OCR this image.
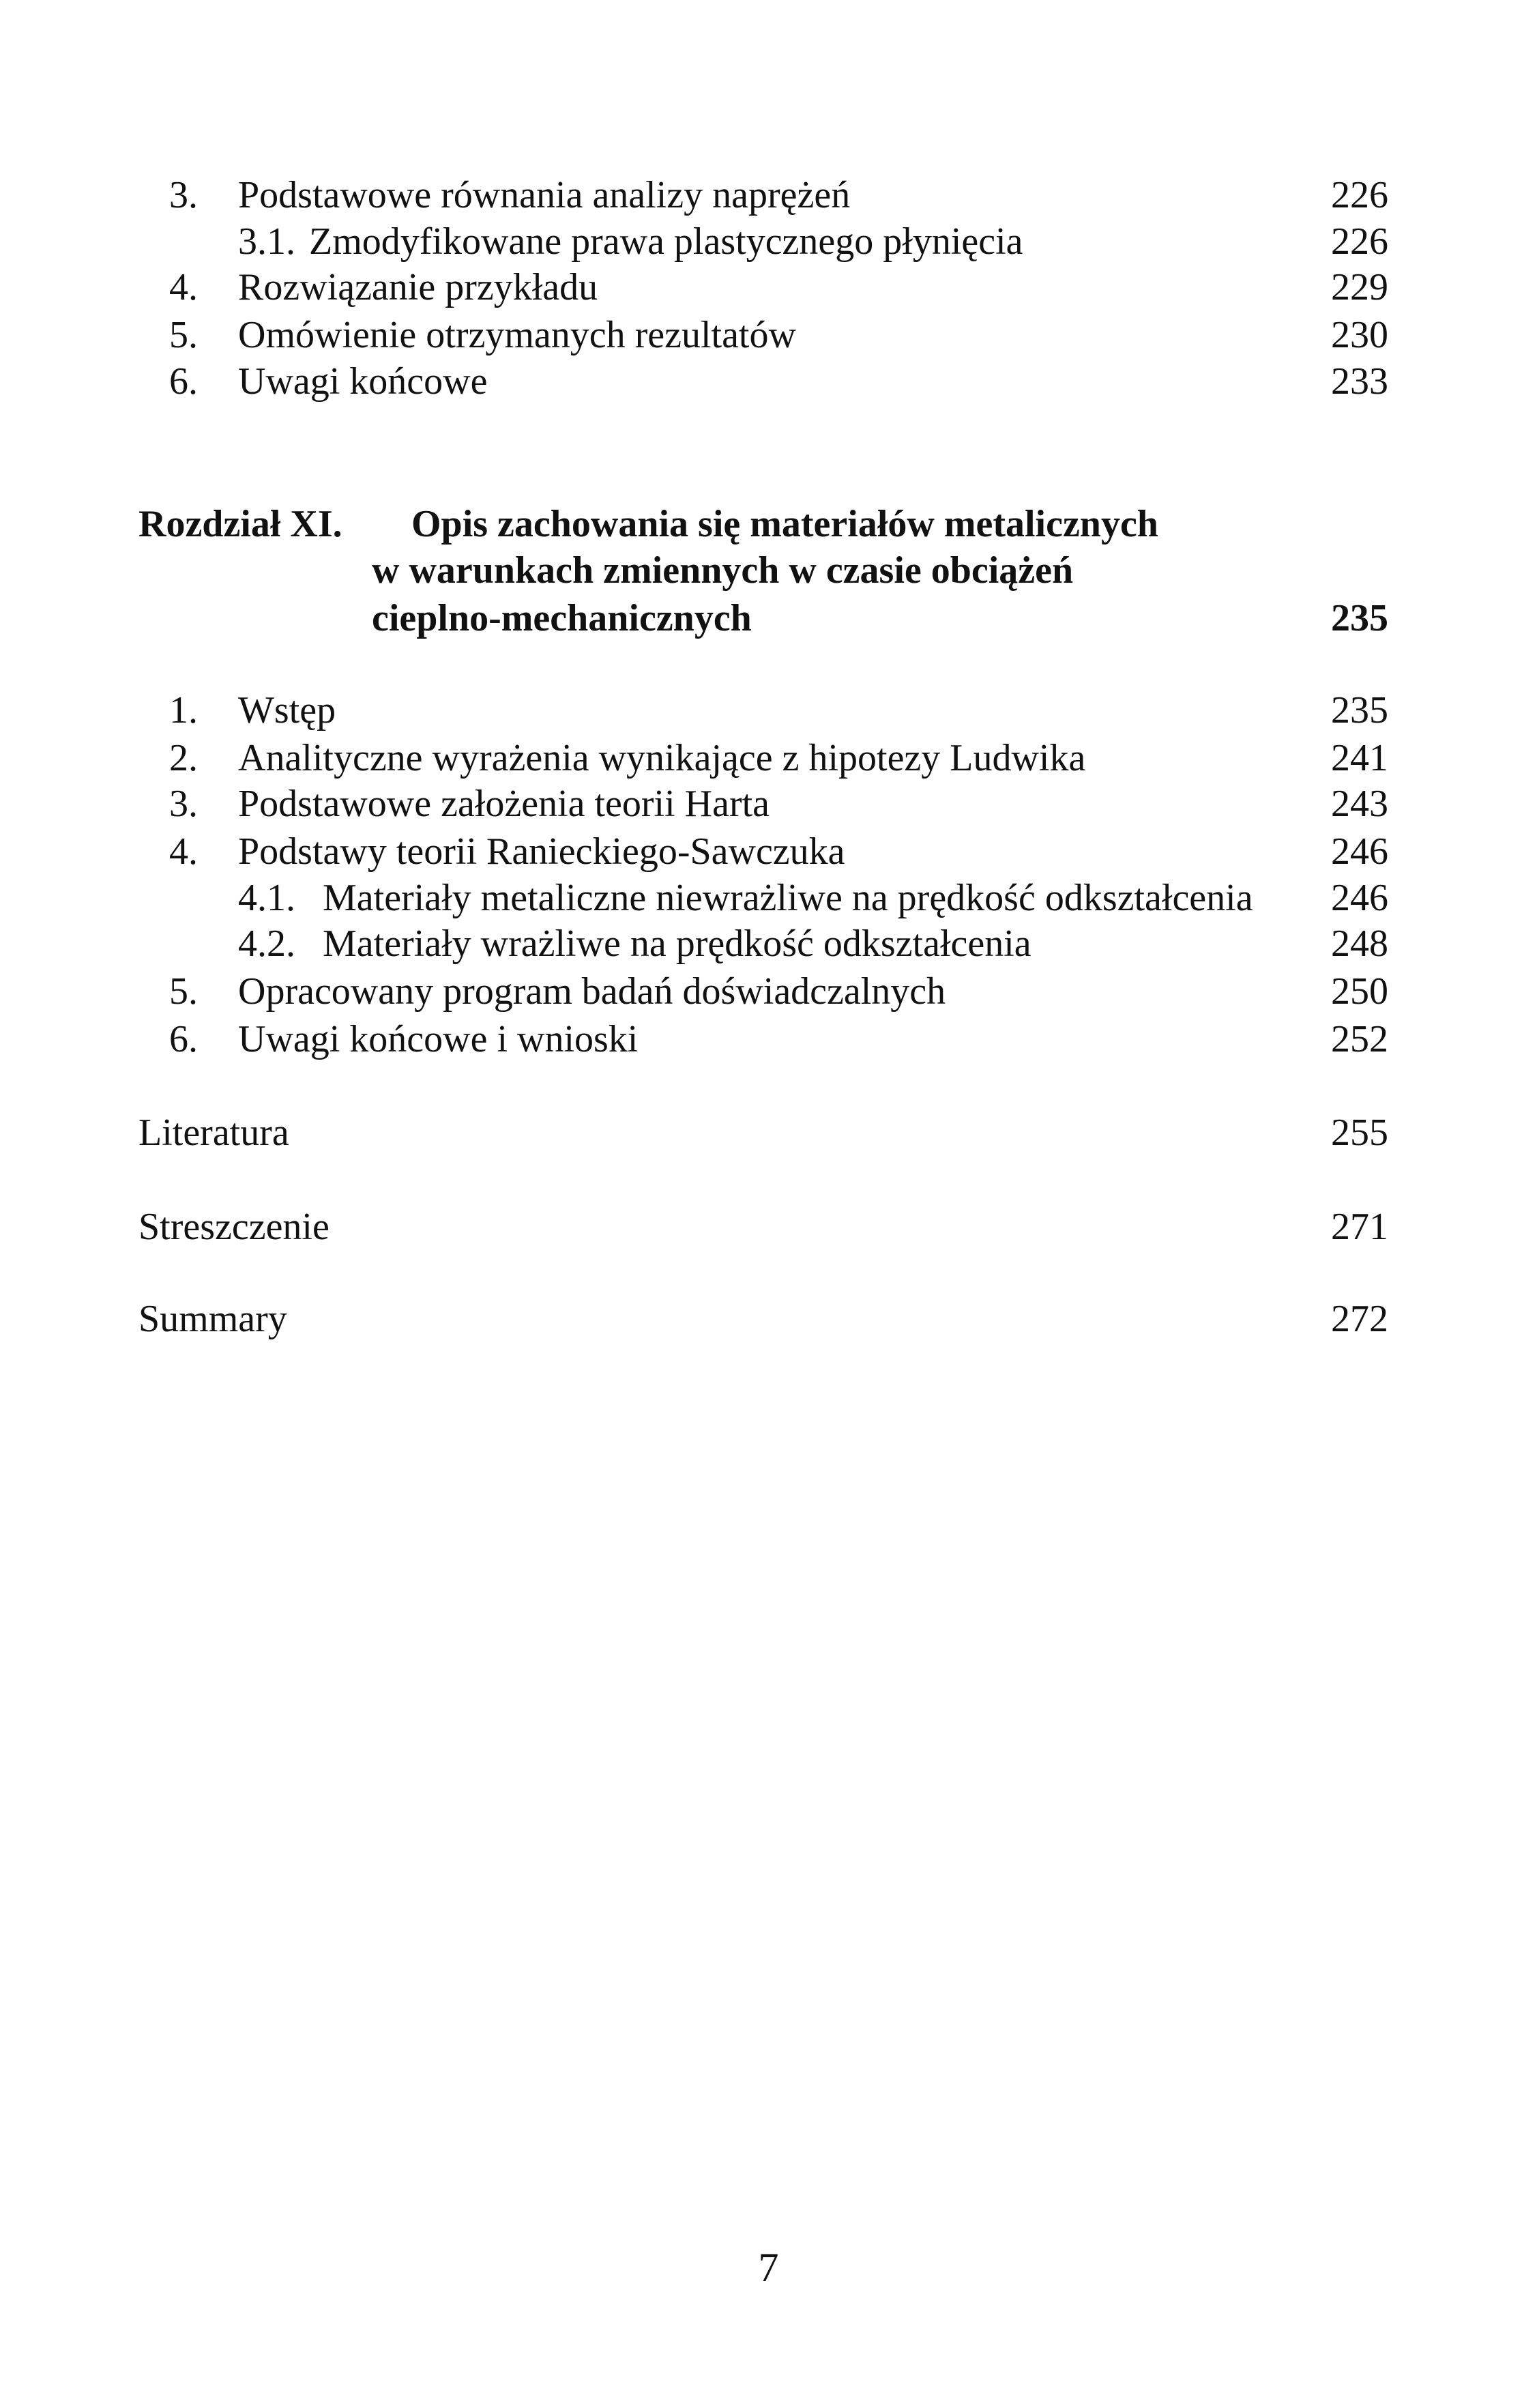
3. Podstawowe równania analizy naprężeń	226
3.1. Zmodyfikowane prawa plastycznego płynięcia	226
4. Rozwiązanie przykładu	229
5. Omówienie otrzymanych rezultatów	230
6. Uwagi końcowe	233
Rozdział XI. Opis zachowania się materiałów metalicznych
w warunkach zmiennych w czasie obciążeń
cieplno-mechanicznych	235
1. Wstęp	235
2. Analityczne wyrażenia wynikające z hipotezy Ludwika	241
3. Podstawowe założenia teorii Harta	243
4. Podstawy teorii Ranieckiego-Sawczuka	246
4.1. Materiały metaliczne niewrażliwe na prędkość odkształcenia 246
4.2. Materiały wrażliwe na prędkość odkształcenia	248
5. Opracowany program badań doświadczalnych	250
6. Uwagi końcowe i wnioski	252
Literatura	255
Streszczenie	271
Summary	272
7
